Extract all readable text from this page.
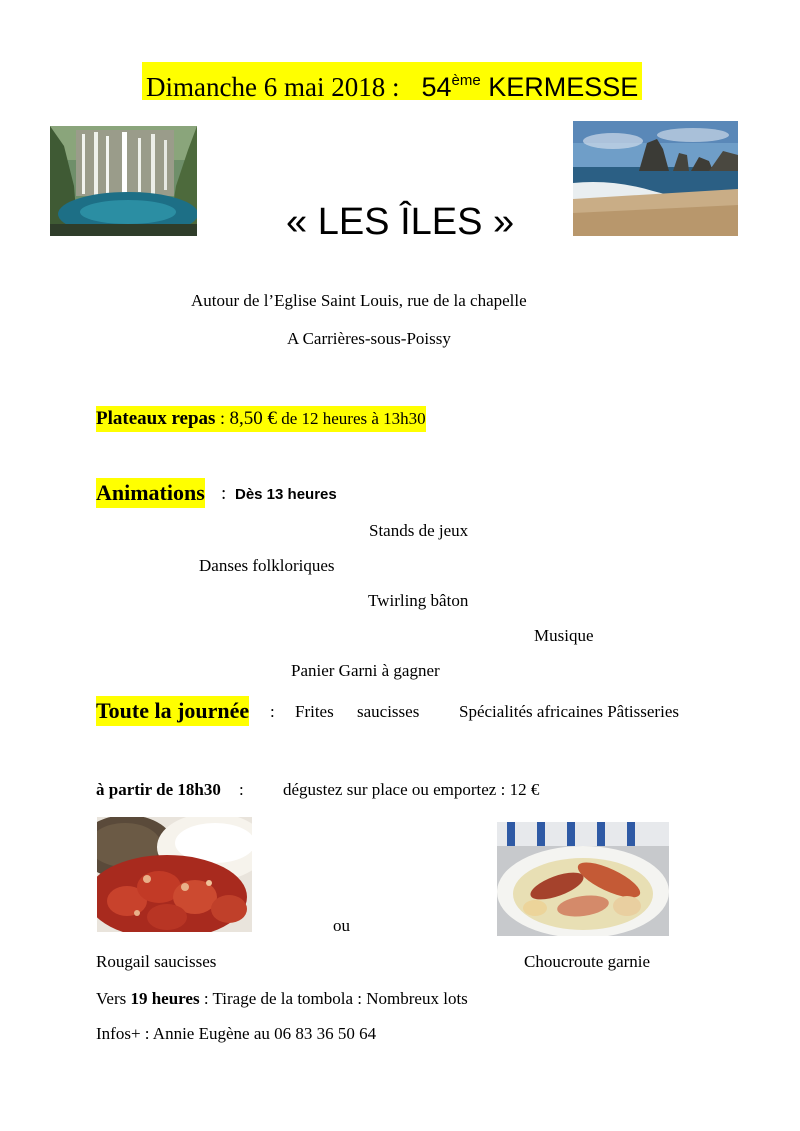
Dimanche 6 mai 2018 : 54ème KERMESSE
« LES ÎLES »
Autour de l’Eglise Saint Louis, rue de la chapelle
A Carrières-sous-Poissy
Plateaux repas : 8,50 € de 12 heures à 13h30
Animations : Dès 13 heures
Stands de jeux
Danses folkloriques
Twirling bâton
Musique
Panier Garni à gagner
Toute la journée : Frites saucisses Spécialités africaines Pâtisseries
à partir de 18h30 : dégustez sur place ou emportez : 12 €
ou
Rougail saucisses	Choucroute garnie
Vers 19 heures : Tirage de la tombola : Nombreux lots
Infos+ : Annie Eugène au 06 83 36 50 64
